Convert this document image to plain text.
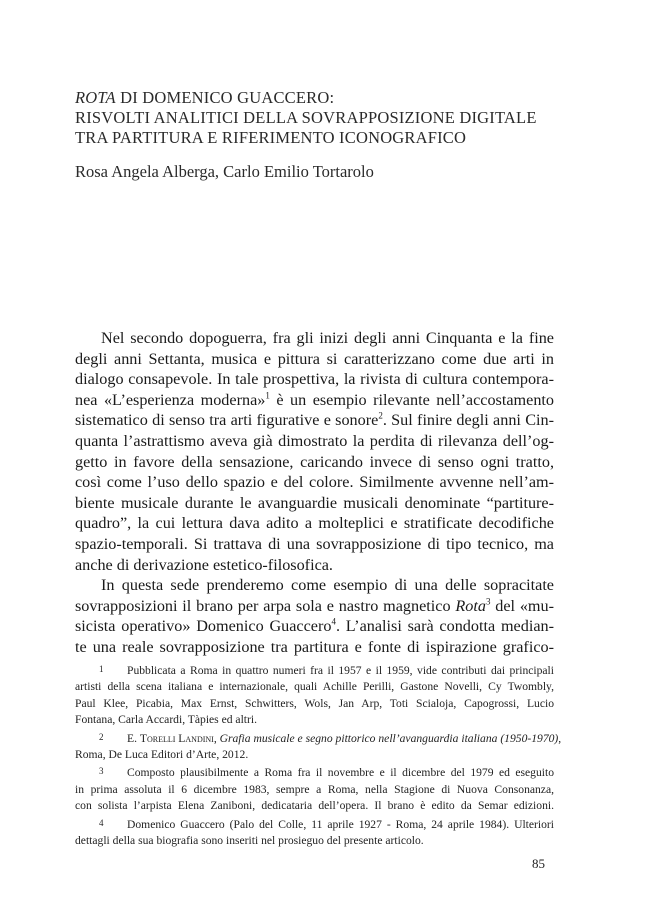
ROTA DI DOMENICO GUACCERO:
RISVOLTI ANALITICI DELLA SOVRAPPOSIZIONE DIGITALE
TRA PARTITURA E RIFERIMENTO ICONOGRAFICO
Rosa Angela Alberga, Carlo Emilio Tortarolo
Nel secondo dopoguerra, fra gli inizi degli anni Cinquanta e la fine
degli anni Settanta, musica e pittura si caratterizzano come due arti in
dialogo consapevole. In tale prospettiva, la rivista di cultura contempora-
nea «L’esperienza moderna»$^1$ è un esempio rilevante nell’accostamento
sistematico di senso tra arti figurative e sonore$^2$. Sul finire degli anni Cin-
quanta l’astrattismo aveva già dimostrato la perdita di rilevanza dell’og-
getto in favore della sensazione, caricando invece di senso ogni tratto,
così come l’uso dello spazio e del colore. Similmente avvenne nell’am-
biente musicale durante le avanguardie musicali denominate “partiture-
quadro”, la cui lettura dava adito a molteplici e stratificate decodifiche
spazio-temporali. Si trattava di una sovrapposizione di tipo tecnico, ma
anche di derivazione estetico-filosofica.
In questa sede prenderemo come esempio di una delle sopracitate
sovrapposizioni il brano per arpa sola e nastro magnetico Rota$^3$ del «mu-
sicista operativo» Domenico Guaccero$^4$. L’analisi sarà condotta median-
te una reale sovrapposizione tra partitura e fonte di ispirazione grafico-
1 Pubblicata a Roma in quattro numeri fra il 1957 e il 1959, vide contributi dai principali
artisti della scena italiana e internazionale, quali Achille Perilli, Gastone Novelli, Cy Twombly,
Paul Klee, Picabia, Max Ernst, Schwitters, Wols, Jan Arp, Toti Scialoja, Capogrossi, Lucio
Fontana, Carla Accardi, Tàpies ed altri.
2 E. Torelli Landini, Grafia musicale e segno pittorico nell’avanguardia italiana (1950-1970),
Roma, De Luca Editori d’Arte, 2012.
3 Composto plausibilmente a Roma fra il novembre e il dicembre del 1979 ed eseguito
in prima assoluta il 6 dicembre 1983, sempre a Roma, nella Stagione di Nuova Consonanza,
con solista l’arpista Elena Zaniboni, dedicataria dell’opera. Il brano è edito da Semar edizioni.
4 Domenico Guaccero (Palo del Colle, 11 aprile 1927 - Roma, 24 aprile 1984). Ulteriori
dettagli della sua biografia sono inseriti nel prosieguo del presente articolo.
85
